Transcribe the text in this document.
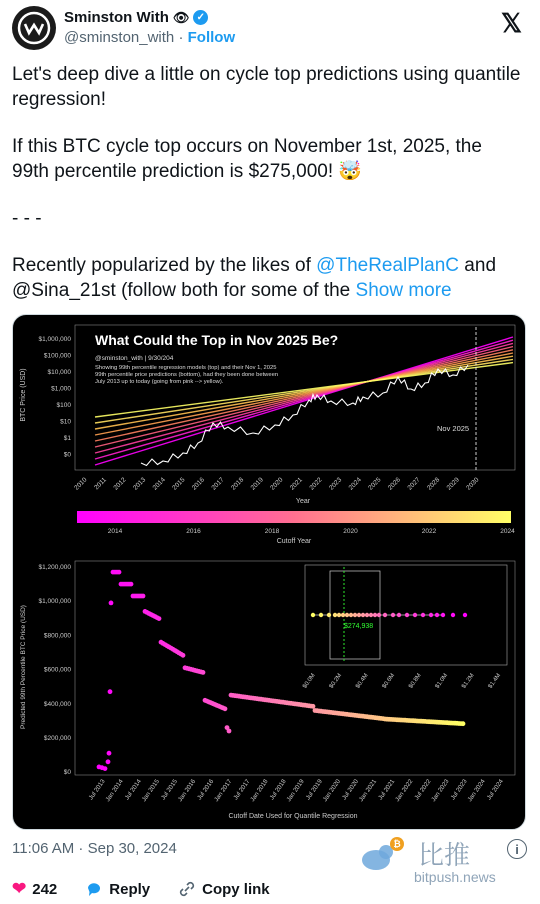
Sminston With 👁 ✓
@sminston_with · Follow	𝕏

Let's deep dive a little on cycle top predictions using quantile regression!

If this BTC cycle top occurs on November 1st, 2025, the 99th percentile prediction is $275,000! 🤯

- - -

Recently popularized by the likes of @TheRealPlanC and @Sina_21st (follow both for some of the Show more

What Could the Top in Nov 2025 Be?
@sminston_with | 9/30/204
Showing 99th percentile regression models (top) and their Nov 1, 2025 99th percentile price predictions (bottom), had they been done between July 2013 up to today (going from pink --> yellow).
BTC Price (USD)
Year
$1,000,000
$100,000
$10,000
$1,000
$100
$10
$1
$0
2010 2011 2012 2013 2014 2015 2016 2017 2018 2019 2020 2021 2022 2023 2024 2025 2026 2027 2028 2029 2030
Nov 2025
2014	2016	2018	2020	2022	2024
Cutoff Year
Predicted 99th Percentile BTC Price (USD)
Cutoff Date Used for Quantile Regression
$1,200,000
$1,000,000
$800,000
$600,000
$400,000
$200,000
$0
Jul 2013
Jan 2014
Jul 2014
Jan 2015
Jul 2015
Jan 2016
Jul 2016
Jan 2017
Jul 2017
Jan 2018
Jul 2018
Jan 2019
Jul 2019
Jan 2020
Jul 2020
Jan 2021
Jul 2021
Jan 2022
Jul 2022
Jan 2023
Jul 2023
Jan 2024
Jul 2024
$274,938
$0.0M $0.2M $0.4M $0.6M $0.8M $1.0M $1.2M $1.4M
11:06 AM · Sep 30, 2024	₿ 比推
bitpush.news
i
❤ 242	Reply	Copy link
